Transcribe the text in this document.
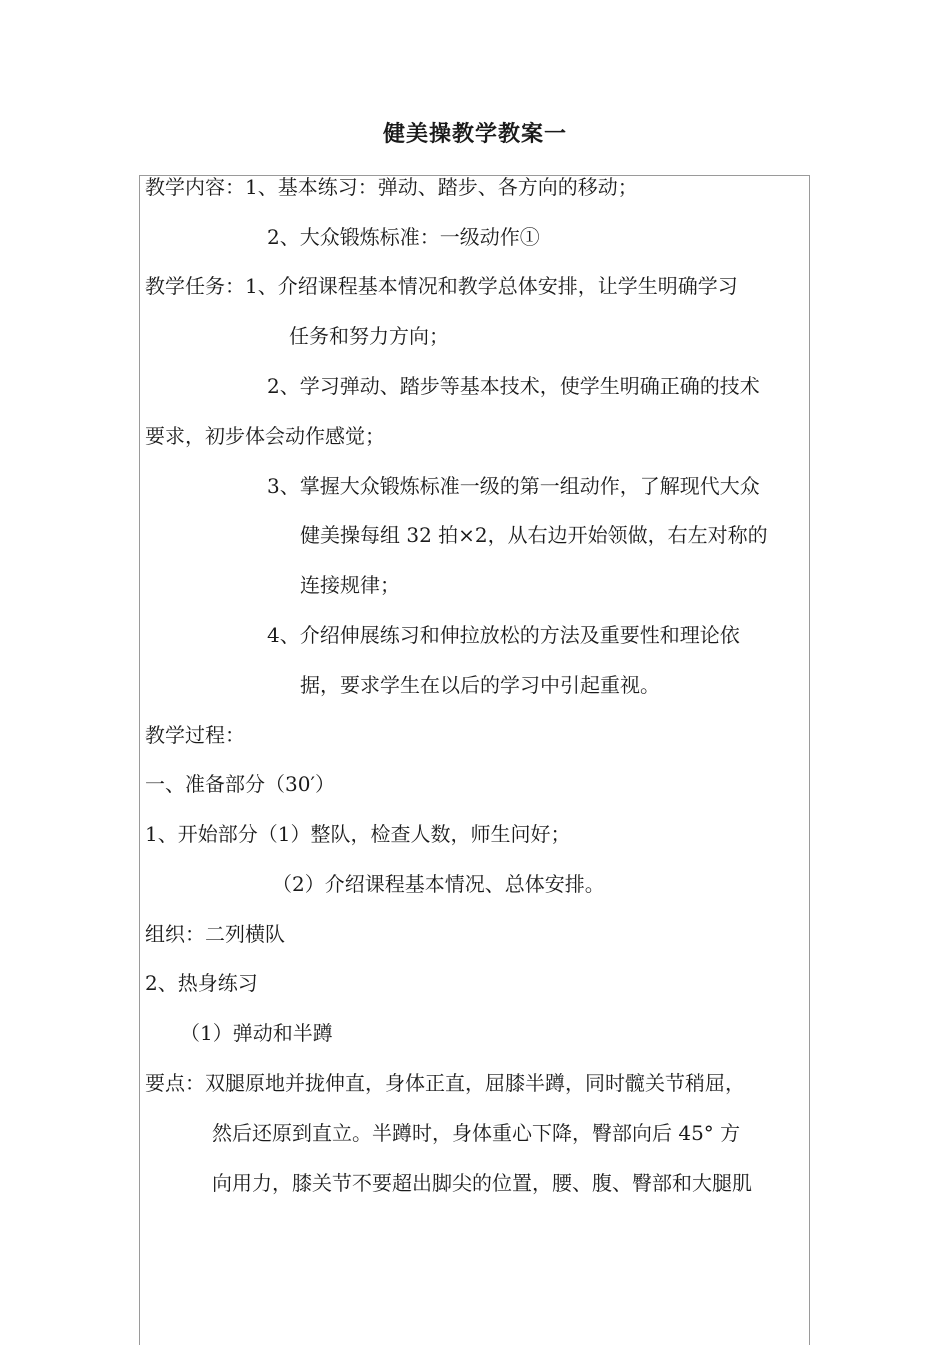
健美操教学教案一
教学内容：1、基本练习：弹动、踏步、各方向的移动；
2、大众锻炼标准：一级动作①
教学任务：1、介绍课程基本情况和教学总体安排，让学生明确学习
任务和努力方向；
2、学习弹动、踏步等基本技术，使学生明确正确的技术
要求，初步体会动作感觉；
3、掌握大众锻炼标准一级的第一组动作，了解现代大众
健美操每组 32 拍×2，从右边开始领做，右左对称的
连接规律；
4、介绍伸展练习和伸拉放松的方法及重要性和理论依
据，要求学生在以后的学习中引起重视。
教学过程：
一、准备部分（30′）
1、开始部分（1）整队，检查人数，师生问好；
（2）介绍课程基本情况、总体安排。
组织：二列横队
2、热身练习
（1）弹动和半蹲
要点：双腿原地并拢伸直，身体正直，屈膝半蹲，同时髋关节稍屈，
然后还原到直立。半蹲时，身体重心下降，臀部向后 45° 方
向用力，膝关节不要超出脚尖的位置，腰、腹、臀部和大腿肌
